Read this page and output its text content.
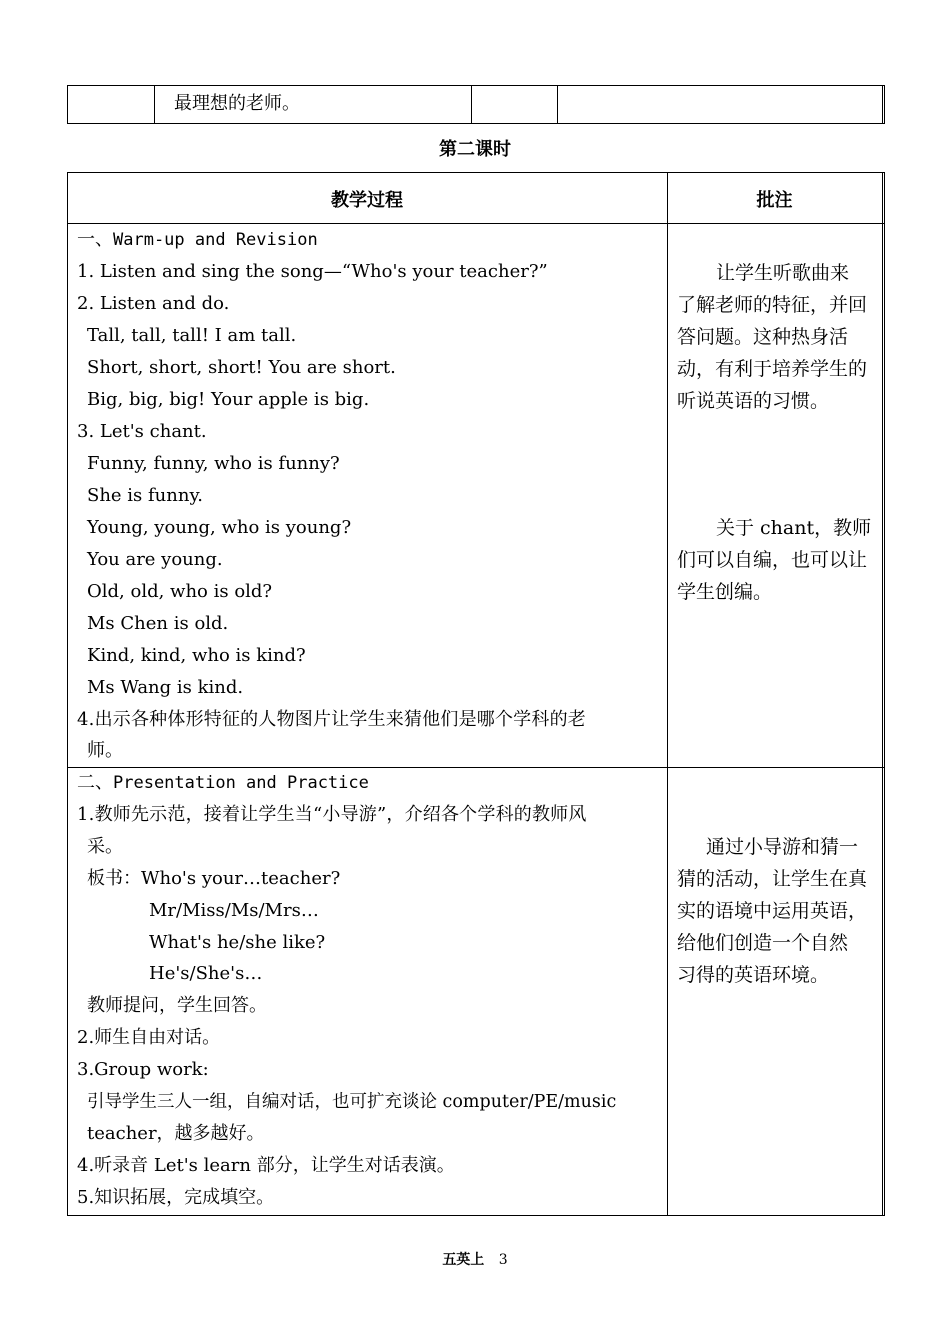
最理想的老师。
第二课时
教学过程	批注
一、Warm-up and Revision
1. Listen and sing the song—“Who's your teacher?”
2. Listen and do.
Tall, tall, tall! I am tall.
Short, short, short! You are short.
Big, big, big! Your apple is big.
3. Let's chant.
Funny, funny, who is funny?
She is funny.
Young, young, who is young?
You are young.
Old, old, who is old?
Ms Chen is old.
Kind, kind, who is kind?
Ms Wang is kind.
4.出示各种体形特征的人物图片让学生来猜他们是哪个学科的老
师。
让学生听歌曲来
了解老师的特征，并回
答问题。这种热身活
动，有利于培养学生的
听说英语的习惯。
关于 chant，教师
们可以自编，也可以让
学生创编。
二、Presentation and Practice
1.教师先示范，接着让学生当“小导游”，介绍各个学科的教师风
采。
板书：Who's your…teacher?
Mr/Miss/Ms/Mrs…
What's he/she like?
He's/She's…
教师提问，学生回答。
2.师生自由对话。
3.Group work:
引导学生三人一组，自编对话，也可扩充谈论 computer/PE/music
teacher，越多越好。
4.听录音 Let's learn 部分，让学生对话表演。
5.知识拓展，完成填空。
通过小导游和猜一
猜的活动，让学生在真
实的语境中运用英语，
给他们创造一个自然
习得的英语环境。
五英上 3
